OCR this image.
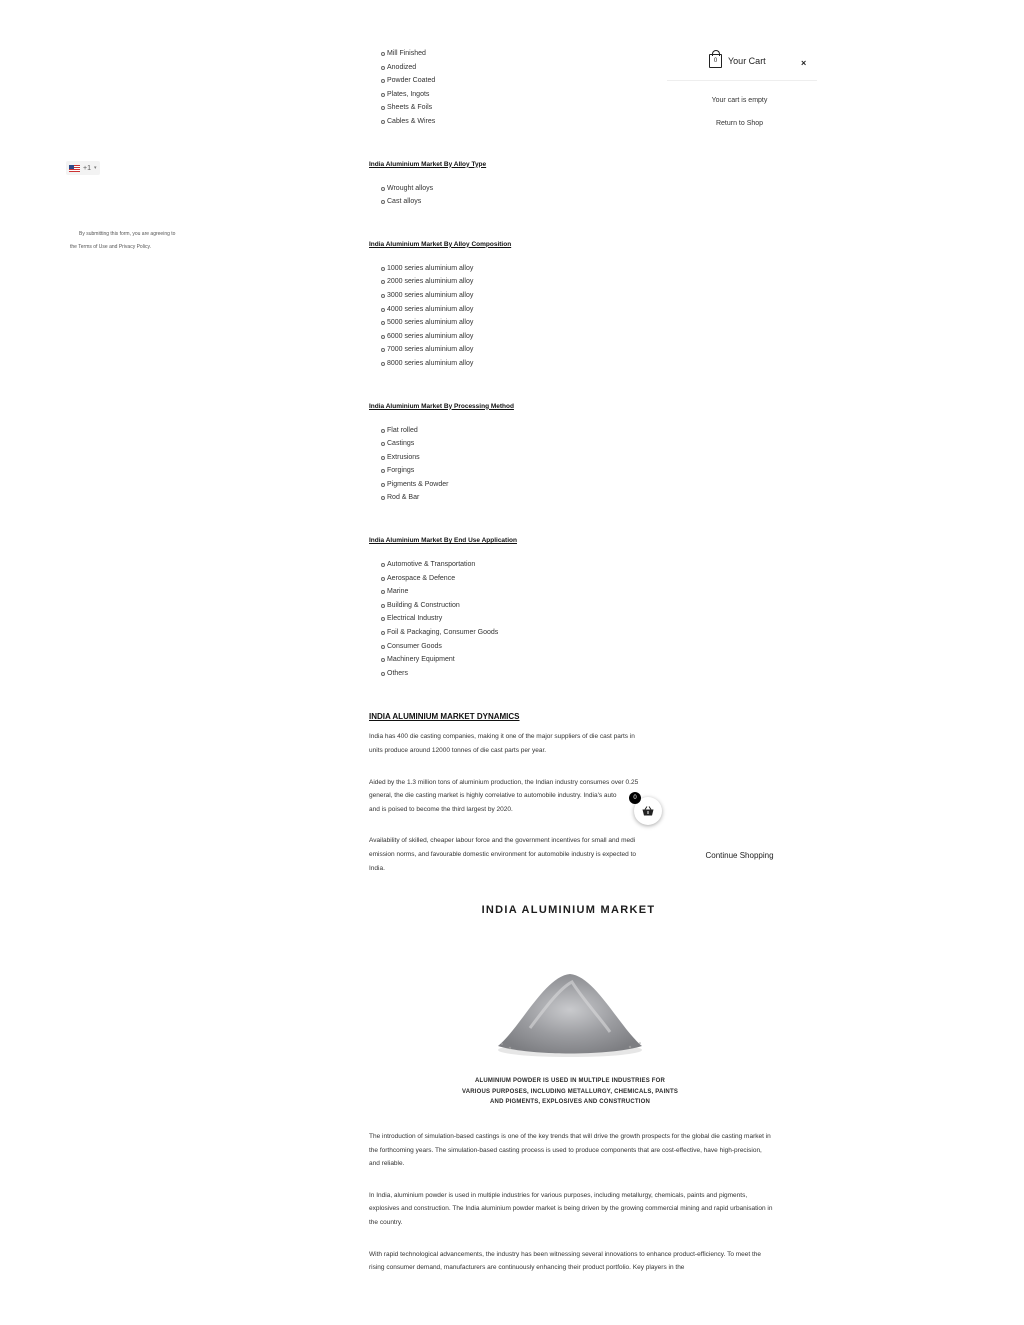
+1 ▾
By submitting this form, you are agreeing to
the Terms of Use and Privacy Policy.
Mill Finished
Anodized
Powder Coated
Plates, Ingots
Sheets & Foils
Cables & Wires

India Aluminium Market By Alloy Type

Wrought alloys
Cast alloys

India Aluminium Market By Alloy Composition

1000 series aluminium alloy
2000 series aluminium alloy
3000 series aluminium alloy
4000 series aluminium alloy
5000 series aluminium alloy
6000 series aluminium alloy
7000 series aluminium alloy
8000 series aluminium alloy

India Aluminium Market By Processing Method

Flat rolled
Castings
Extrusions
Forgings
Pigments & Powder
Rod & Bar

India Aluminium Market By End Use Application

Automotive & Transportation
Aerospace & Defence
Marine
Building & Construction
Electrical Industry
Foil & Packaging, Consumer Goods
Consumer Goods
Machinery Equipment
Others

INDIA ALUMINIUM MARKET DYNAMICS

India has 400 die casting companies, making it one of the major suppliers of die cast parts in

units produce around 12000 tonnes of die cast parts per year.

Aided by the 1.3 million tons of aluminium production, the Indian industry consumes over 0.25

general, the die casting market is highly correlative to automobile industry. India's auto

and is poised to become the third largest by 2020.

Availability of skilled, cheaper labour force and the government incentives for small and medi

emission norms, and favourable domestic environment for automobile industry is expected to

India.

INDIA ALUMINIUM MARKET
ALUMINIUM POWDER IS USED IN MULTIPLE INDUSTRIES FOR VARIOUS PURPOSES, INCLUDING METALLURGY, CHEMICALS, PAINTS AND PIGMENTS, EXPLOSIVES AND CONSTRUCTION

The introduction of simulation-based castings is one of the key trends that will drive the growth prospects for the global die casting market in the forthcoming years. The simulation-based casting process is used to produce components that are cost-effective, have high-precision, and reliable.

In India, aluminium powder is used in multiple industries for various purposes, including metallurgy, chemicals, paints and pigments, explosives and construction. The India aluminium powder market is being driven by the growing commercial mining and rapid urbanisation in the country.

With rapid technological advancements, the industry has been witnessing several innovations to enhance product-efficiency. To meet the rising consumer demand, manufacturers are continuously enhancing their product portfolio. Key players in the

0	Your Cart	×
Your cart is empty
Return to Shop
Continue Shopping
0
